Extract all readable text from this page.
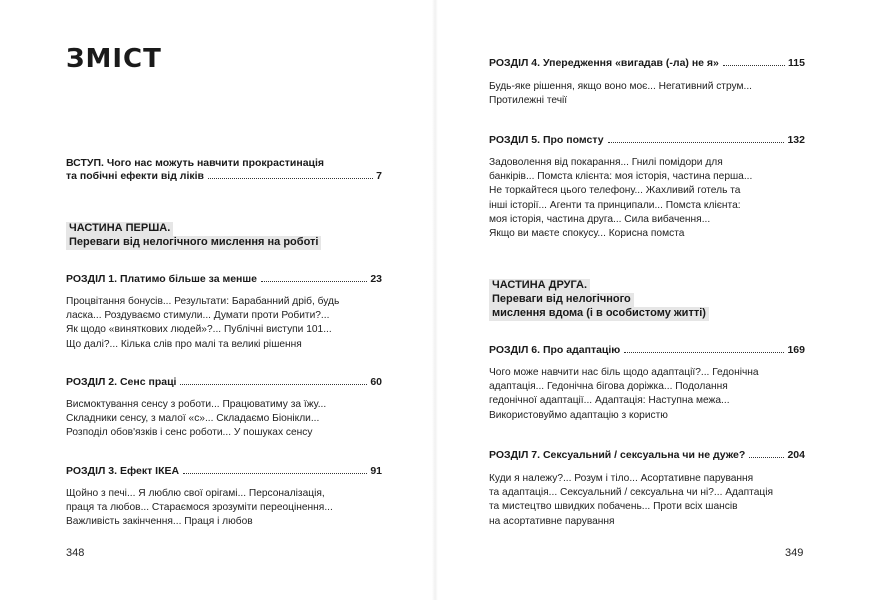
ЗМІСТ
ВСТУП. Чого нас можуть навчити прокрастинація
та побічні ефекти від ліків	7
ЧАСТИНА ПЕРША.
Переваги від нелогічного мислення на роботі
РОЗДІЛ 1. Платимо більше за менше	23
Процвітання бонусів... Результати: Барабанний дріб, будь
ласка... Роздуваємо стимули... Думати проти Робити?...
Як щодо «виняткових людей»?... Публічні виступи 101...
Що далі?... Кілька слів про малі та великі рішення
РОЗДІЛ 2. Сенс праці	60
Висмоктування сенсу з роботи... Працюватиму за їжу...
Складники сенсу, з малої «с»... Складаємо Біонікли...
Розподіл обов'язків і сенс роботи... У пошуках сенсу
РОЗДІЛ 3. Ефект ІКЕА	91
Щойно з печі... Я люблю свої орігамі... Персоналізація,
праця та любов... Стараємося зрозуміти переоцінення...
Важливість закінчення... Праця і любов
348
РОЗДІЛ 4. Упередження «вигадав (-ла) не я»	115
Будь-яке рішення, якщо воно моє... Негативний струм...
Протилежні течії
РОЗДІЛ 5. Про помсту	132
Задоволення від покарання... Гнилі помідори для
банкірів... Помста клієнта: моя історія, частина перша...
Не торкайтеся цього телефону... Жахливий готель та
інші історії... Агенти та принципали... Помста клієнта:
моя історія, частина друга... Сила вибачення...
Якщо ви маєте спокусу... Корисна помста
ЧАСТИНА ДРУГА.
Переваги від нелогічного
мислення вдома (і в особистому житті)
РОЗДІЛ 6. Про адаптацію	169
Чого може навчити нас біль щодо адаптації?... Гедонічна
адаптація... Гедонічна бігова доріжка... Подолання
гедонічної адаптації... Адаптація: Наступна межа...
Використовуймо адаптацію з користю
РОЗДІЛ 7. Сексуальний / сексуальна чи не дуже?	204
Куди я належу?... Розум і тіло... Асортативне парування
та адаптація... Сексуальний / сексуальна чи ні?... Адаптація
та мистецтво швидких побачень... Проти всіх шансів
на асортативне парування
349
